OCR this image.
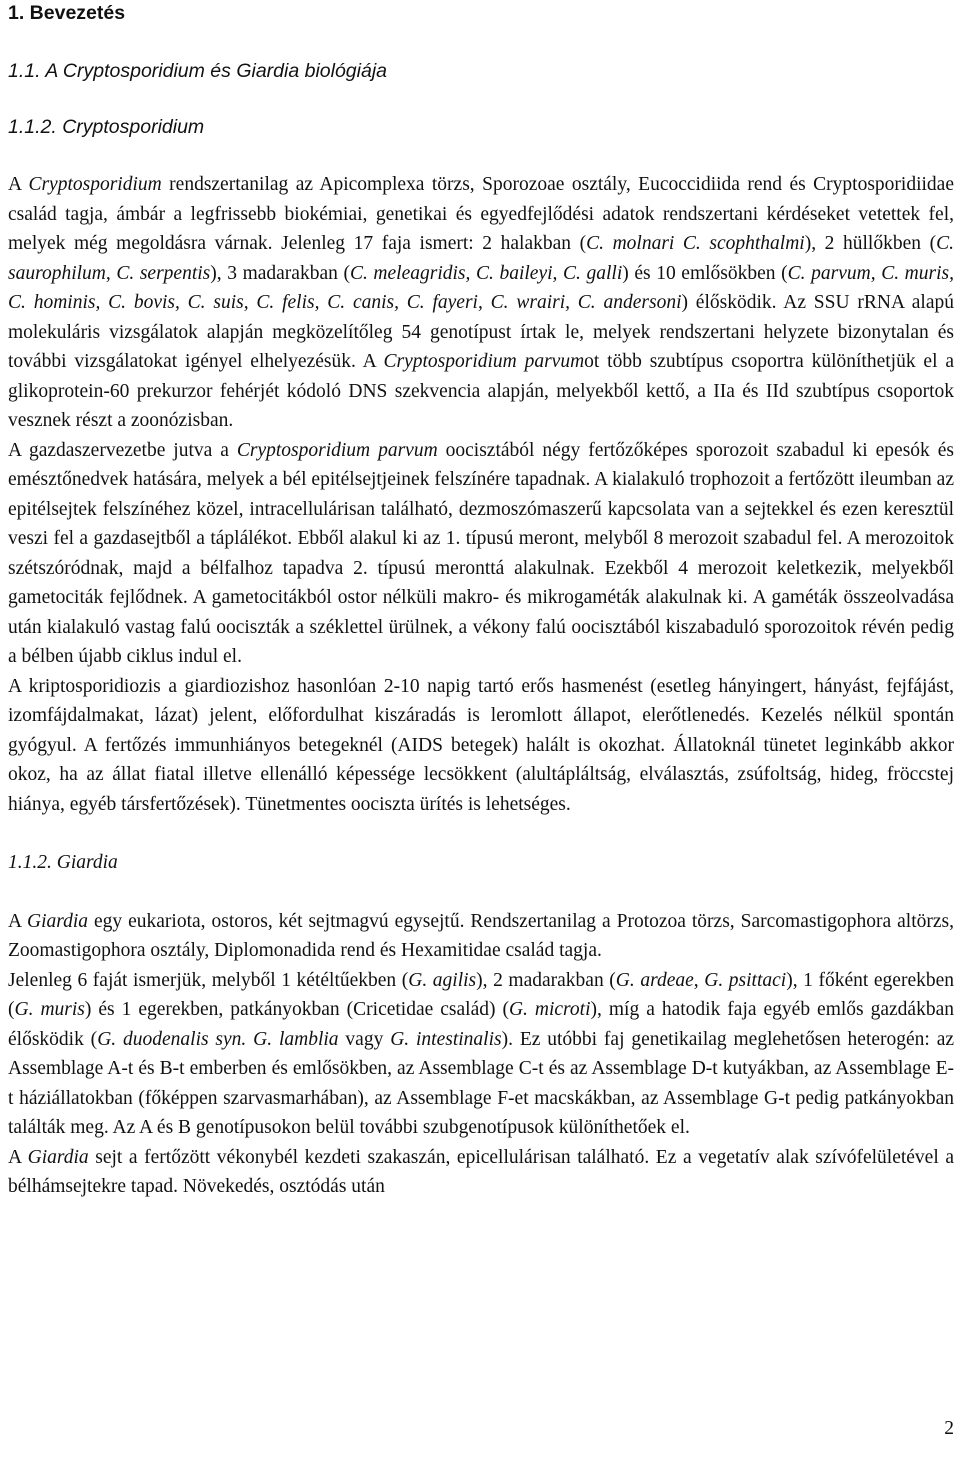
1. Bevezetés
1.1. A Cryptosporidium és Giardia biológiája
1.1.2. Cryptosporidium

A Cryptosporidium rendszertanilag az Apicomplexa törzs, Sporozoae osztály, Eucoccidiida rend és Cryptosporidiidae család tagja, ámbár a legfrissebb biokémiai, genetikai és egyedfejlődési adatok rendszertani kérdéseket vetettek fel, melyek még megoldásra várnak. Jelenleg 17 faja ismert: 2 halakban (C. molnari C. scophthalmi), 2 hüllőkben (C. saurophilum, C. serpentis), 3 madarakban (C. meleagridis, C. baileyi, C. galli) és 10 emlősökben (C. parvum, C. muris, C. hominis, C. bovis, C. suis, C. felis, C. canis, C. fayeri, C. wrairi, C. andersoni) élősködik. Az SSU rRNA alapú molekuláris vizsgálatok alapján megközelítőleg 54 genotípust írtak le, melyek rendszertani helyzete bizonytalan és további vizsgálatokat igényel elhelyezésük. A Cryptosporidium parvumot több szubtípus csoportra különíthetjük el a glikoprotein-60 prekurzor fehérjét kódoló DNS szekvencia alapján, melyekből kettő, a IIa és IId szubtípus csoportok vesznek részt a zoonózisban.

A gazdaszervezetbe jutva a Cryptosporidium parvum oocisztából négy fertőzőképes sporozoit szabadul ki epesók és emésztőnedvek hatására, melyek a bél epitélsejtjeinek felszínére tapadnak. A kialakuló trophozoit a fertőzött ileumban az epitélsejtek felszínéhez közel, intracellulárisan található, dezmoszómaszerű kapcsolata van a sejtekkel és ezen keresztül veszi fel a gazdasejtből a táplálékot. Ebből alakul ki az 1. típusú meront, melyből 8 merozoit szabadul fel. A merozoitok szétszóródnak, majd a bélfalhoz tapadva 2. típusú meronttá alakulnak. Ezekből 4 merozoit keletkezik, melyekből gametociták fejlődnek. A gametocitákból ostor nélküli makro- és mikrogaméták alakulnak ki. A gaméták összeolvadása után kialakuló vastag falú oociszták a széklettel ürülnek, a vékony falú oocisztából kiszabaduló sporozoitok révén pedig a bélben újabb ciklus indul el.

A kriptosporidiozis a giardiozishoz hasonlóan 2-10 napig tartó erős hasmenést (esetleg hányingert, hányást, fejfájást, izomfájdalmakat, lázat) jelent, előfordulhat kiszáradás is leromlott állapot, elerőtlenedés. Kezelés nélkül spontán gyógyul. A fertőzés immunhiányos betegeknél (AIDS betegek) halált is okozhat. Állatoknál tünetet leginkább akkor okoz, ha az állat fiatal illetve ellenálló képessége lecsökkent (alultápláltság, elválasztás, zsúfoltság, hideg, fröccstej hiánya, egyéb társfertőzések). Tünetmentes oociszta ürítés is lehetséges.

1.1.2. Giardia

A Giardia egy eukariota, ostoros, két sejtmagvú egysejtű. Rendszertanilag a Protozoa törzs, Sarcomastigophora altörzs, Zoomastigophora osztály, Diplomonadida rend és Hexamitidae család tagja.

Jelenleg 6 faját ismerjük, melyből 1 kétéltűekben (G. agilis), 2 madarakban (G. ardeae, G. psittaci), 1 főként egerekben (G. muris) és 1 egerekben, patkányokban (Cricetidae család) (G. microti), míg a hatodik faja egyéb emlős gazdákban élősködik (G. duodenalis syn. G. lamblia vagy G. intestinalis). Ez utóbbi faj genetikailag meglehetősen heterogén: az Assemblage A-t és B-t emberben és emlősökben, az Assemblage C-t és az Assemblage D-t kutyákban, az Assemblage E-t háziállatokban (főképpen szarvasmarhában), az Assemblage F-et macskákban, az Assemblage G-t pedig patkányokban találták meg. Az A és B genotípusokon belül további szubgenotípusok különíthetőek el.

A Giardia sejt a fertőzött vékonybél kezdeti szakaszán, epicellulárisan található. Ez a vegetatív alak szívófelületével a bélhámsejtekre tapad. Növekedés, osztódás után

2
